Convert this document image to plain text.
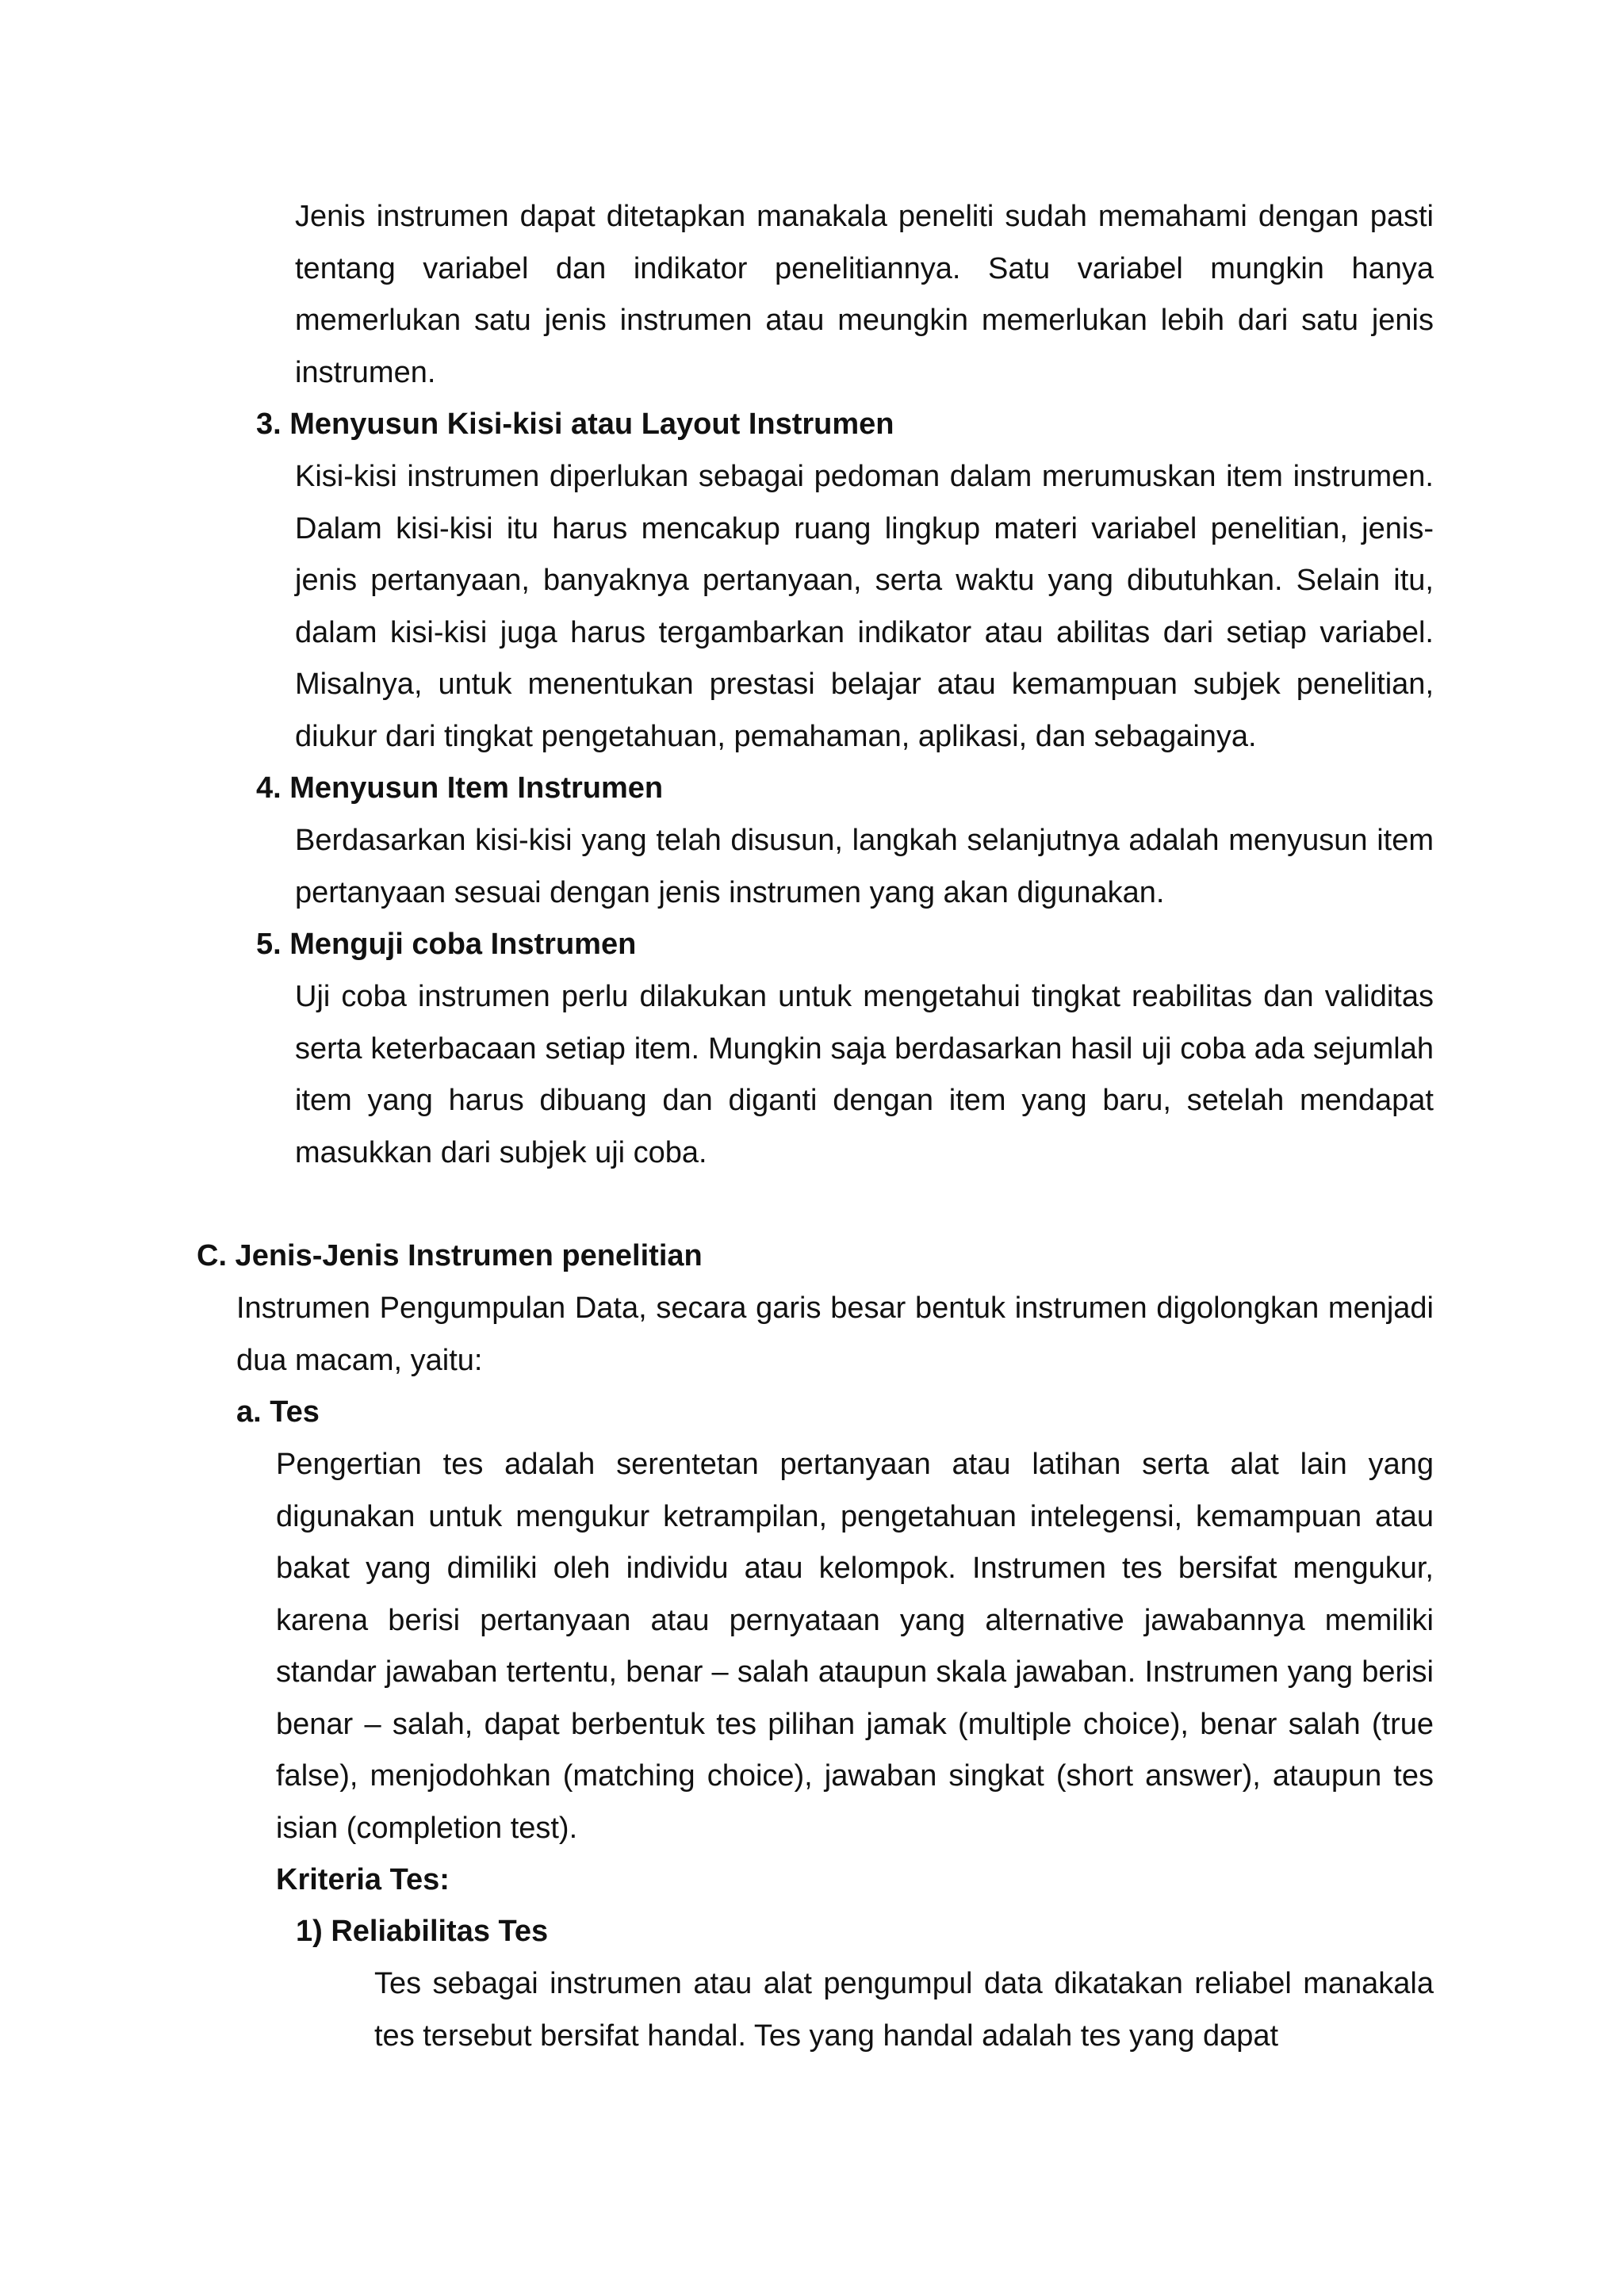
Jenis instrumen dapat ditetapkan manakala peneliti sudah memahami dengan pasti tentang variabel dan indikator penelitiannya. Satu variabel mungkin hanya memerlukan satu jenis instrumen atau meungkin memerlukan lebih dari satu jenis instrumen.

3. Menyusun Kisi-kisi atau Layout Instrumen

Kisi-kisi instrumen diperlukan sebagai pedoman dalam merumuskan item instrumen. Dalam kisi-kisi itu harus mencakup ruang lingkup materi variabel penelitian, jenis-jenis pertanyaan, banyaknya pertanyaan, serta waktu yang dibutuhkan. Selain itu, dalam kisi-kisi juga harus tergambarkan indikator atau abilitas dari setiap variabel. Misalnya, untuk menentukan prestasi belajar atau kemampuan subjek penelitian, diukur dari tingkat pengetahuan, pemahaman, aplikasi, dan sebagainya.

4. Menyusun Item Instrumen

Berdasarkan kisi-kisi yang telah disusun, langkah selanjutnya adalah menyusun item pertanyaan sesuai dengan jenis instrumen yang akan digunakan.

5. Menguji coba Instrumen

Uji coba instrumen perlu dilakukan untuk mengetahui tingkat reabilitas dan validitas serta keterbacaan setiap item. Mungkin saja berdasarkan hasil uji coba ada sejumlah item yang harus dibuang dan diganti dengan item yang baru, setelah mendapat masukkan dari subjek uji coba.

C. Jenis-Jenis Instrumen penelitian

Instrumen Pengumpulan Data, secara garis besar bentuk instrumen digolongkan menjadi dua macam, yaitu:

a. Tes

Pengertian tes adalah serentetan pertanyaan atau latihan serta alat lain yang digunakan untuk mengukur ketrampilan, pengetahuan intelegensi, kemampuan atau bakat yang dimiliki oleh individu atau kelompok. Instrumen tes bersifat mengukur, karena berisi pertanyaan atau pernyataan yang alternative jawabannya memiliki standar jawaban tertentu, benar – salah ataupun skala jawaban. Instrumen yang berisi benar – salah, dapat berbentuk tes pilihan jamak (multiple choice), benar salah (true false), menjodohkan (matching choice), jawaban singkat (short answer), ataupun tes isian (completion test).

Kriteria Tes:
1) Reliabilitas Tes

Tes sebagai instrumen atau alat pengumpul data dikatakan reliabel manakala tes tersebut bersifat handal. Tes yang handal adalah tes yang dapat
